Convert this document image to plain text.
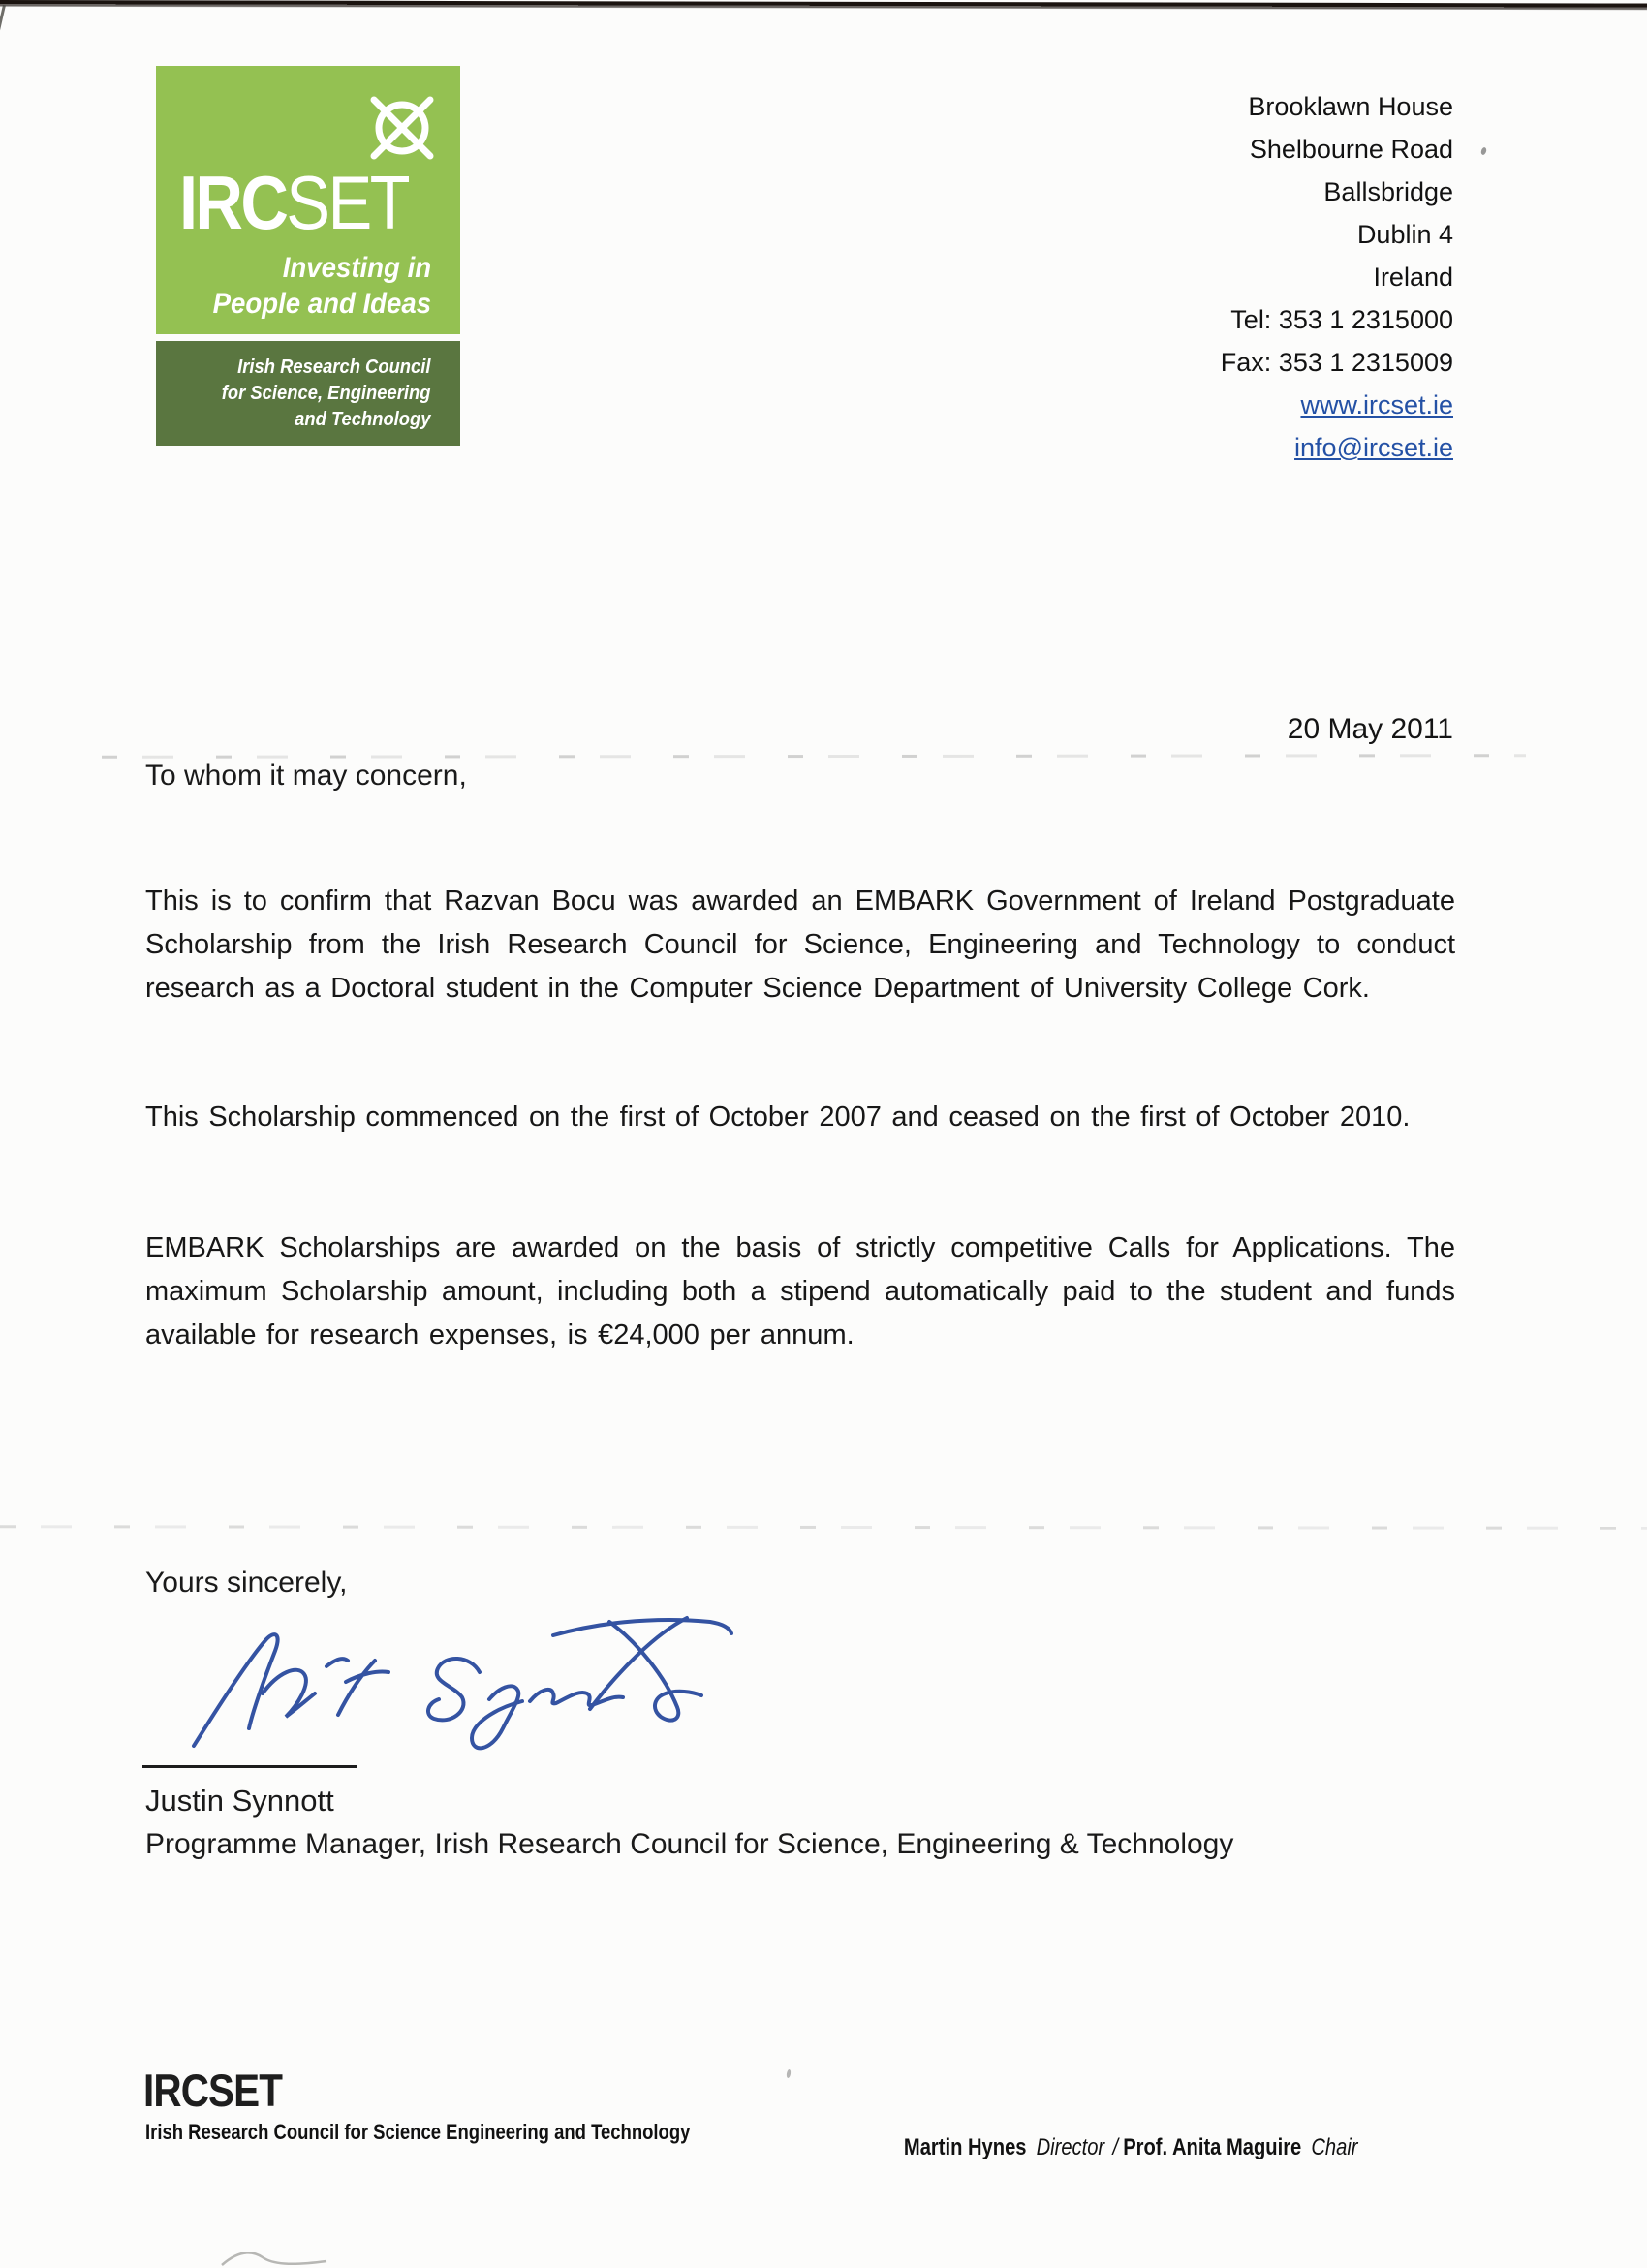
IRCSET
Investing in
People and Ideas
Irish Research Council
for Science, Engineering
and Technology
Brooklawn House
Shelbourne Road
Ballsbridge
Dublin 4
Ireland
Tel: 353 1 2315000
Fax: 353 1 2315009
www.ircset.ie
info@ircset.ie
20 May 2011
To whom it may concern,

This is to confirm that Razvan Bocu was awarded an EMBARK Government of Ireland Postgraduate Scholarship from the Irish Research Council for Science, Engineering and Technology to conduct research as a Doctoral student in the Computer Science Department of University College Cork.

This Scholarship commenced on the first of October 2007 and ceased on the first of October 2010.

EMBARK Scholarships are awarded on the basis of strictly competitive Calls for Applications. The maximum Scholarship amount, including both a stipend automatically paid to the student and funds available for research expenses, is €24,000 per annum.

Yours sincerely,
Justin Synnott
Programme Manager, Irish Research Council for Science, Engineering & Technology
IRCSET
Irish Research Council for Science Engineering and Technology
Martin Hynes Director / Prof. Anita Maguire Chair
